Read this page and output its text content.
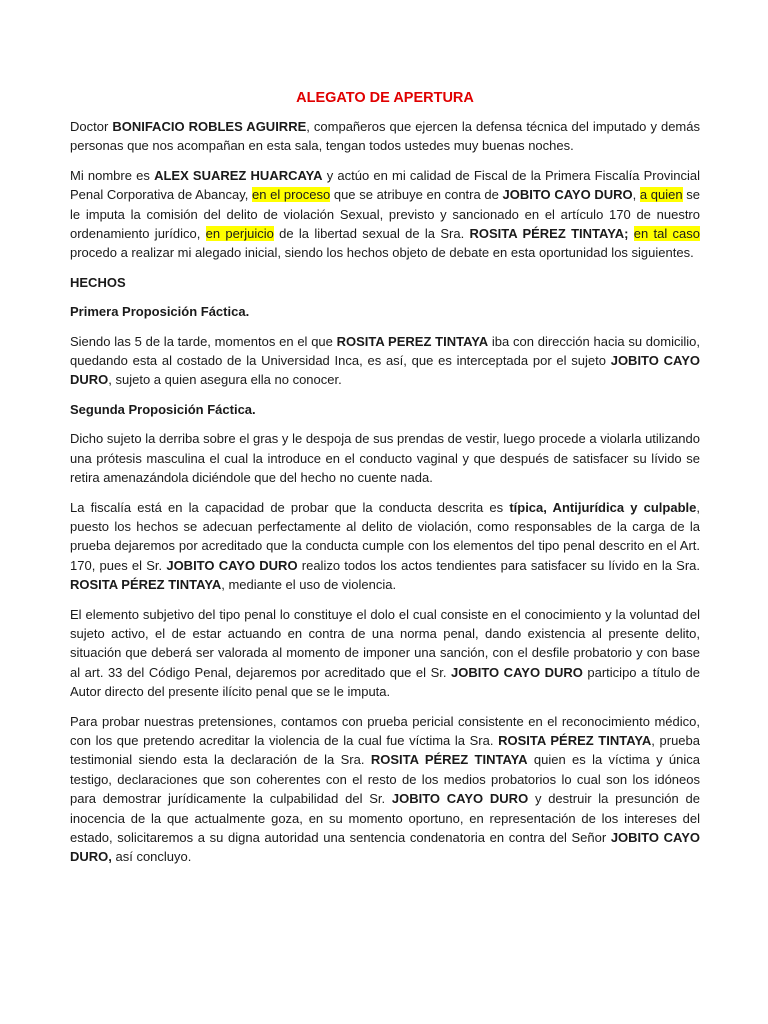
ALEGATO DE APERTURA

Doctor BONIFACIO ROBLES AGUIRRE, compañeros que ejercen la defensa técnica del imputado y demás personas que nos acompañan en esta sala, tengan todos ustedes muy buenas noches.

Mi nombre es ALEX SUAREZ HUARCAYA y actúo en mi calidad de Fiscal de la Primera Fiscalía Provincial Penal Corporativa de Abancay, en el proceso que se atribuye en contra de JOBITO CAYO DURO, a quien se le imputa la comisión del delito de violación Sexual, previsto y sancionado en el artículo 170 de nuestro ordenamiento jurídico, en perjuicio de la libertad sexual de la Sra. ROSITA PÉREZ TINTAYA; en tal caso procedo a realizar mi alegado inicial, siendo los hechos objeto de debate en esta oportunidad los siguientes.

HECHOS

Primera Proposición Fáctica.

Siendo las 5 de la tarde, momentos en el que ROSITA PEREZ TINTAYA iba con dirección hacia su domicilio, quedando esta al costado de la Universidad Inca, es así, que es interceptada por el sujeto JOBITO CAYO DURO, sujeto a quien asegura ella no conocer.

Segunda Proposición Fáctica.

Dicho sujeto la derriba sobre el gras y le despoja de sus prendas de vestir, luego procede a violarla utilizando una prótesis masculina el cual la introduce en el conducto vaginal y que después de satisfacer su lívido se retira amenazándola diciéndole que del hecho no cuente nada.

La fiscalía está en la capacidad de probar que la conducta descrita es típica, Antijurídica y culpable, puesto los hechos se adecuan perfectamente al delito de violación, como responsables de la carga de la prueba dejaremos por acreditado que la conducta cumple con los elementos del tipo penal descrito en el Art. 170, pues el Sr. JOBITO CAYO DURO realizo todos los actos tendientes para satisfacer su lívido en la Sra. ROSITA PÉREZ TINTAYA, mediante el uso de violencia.

El elemento subjetivo del tipo penal lo constituye el dolo el cual consiste en el conocimiento y la voluntad del sujeto activo, el de estar actuando en contra de una norma penal, dando existencia al presente delito, situación que deberá ser valorada al momento de imponer una sanción, con el desfile probatorio y con base al art. 33 del Código Penal, dejaremos por acreditado que el Sr. JOBITO CAYO DURO participo a título de Autor directo del presente ilícito penal que se le imputa.

Para probar nuestras pretensiones, contamos con prueba pericial consistente en el reconocimiento médico, con los que pretendo acreditar la violencia de la cual fue víctima la Sra. ROSITA PÉREZ TINTAYA, prueba testimonial siendo esta la declaración de la Sra. ROSITA PÉREZ TINTAYA quien es la víctima y única testigo, declaraciones que son coherentes con el resto de los medios probatorios lo cual son los idóneos para demostrar jurídicamente la culpabilidad del Sr. JOBITO CAYO DURO y destruir la presunción de inocencia de la que actualmente goza, en su momento oportuno, en representación de los intereses del estado, solicitaremos a su digna autoridad una sentencia condenatoria en contra del Señor JOBITO CAYO DURO, así concluyo.
